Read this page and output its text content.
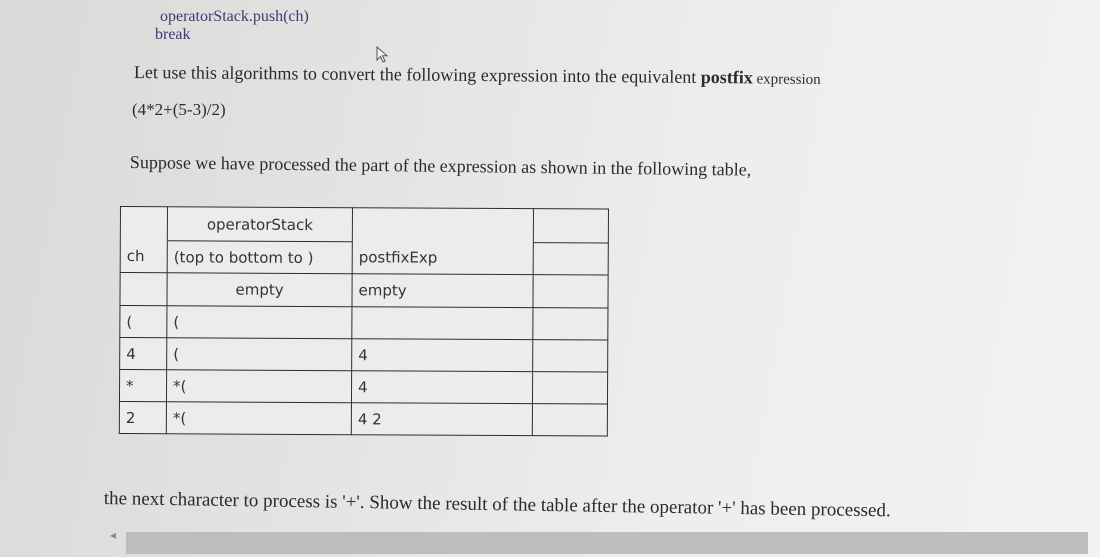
operatorStack.push(ch)
break
Let use this algorithms to convert the following expression into the equivalent postfix expression
(4*2+(5-3)/2)
Suppose we have processed the part of the expression as shown in the following table,
	operatorStack		
ch	(top to bottom to )	postfixExp	
	empty	empty	
(	(		
4	(	4	
*	*(	4	
2	*(	4 2	
the next character to process is '+'. Show the result of the table after the operator '+' has been processed.
◂
